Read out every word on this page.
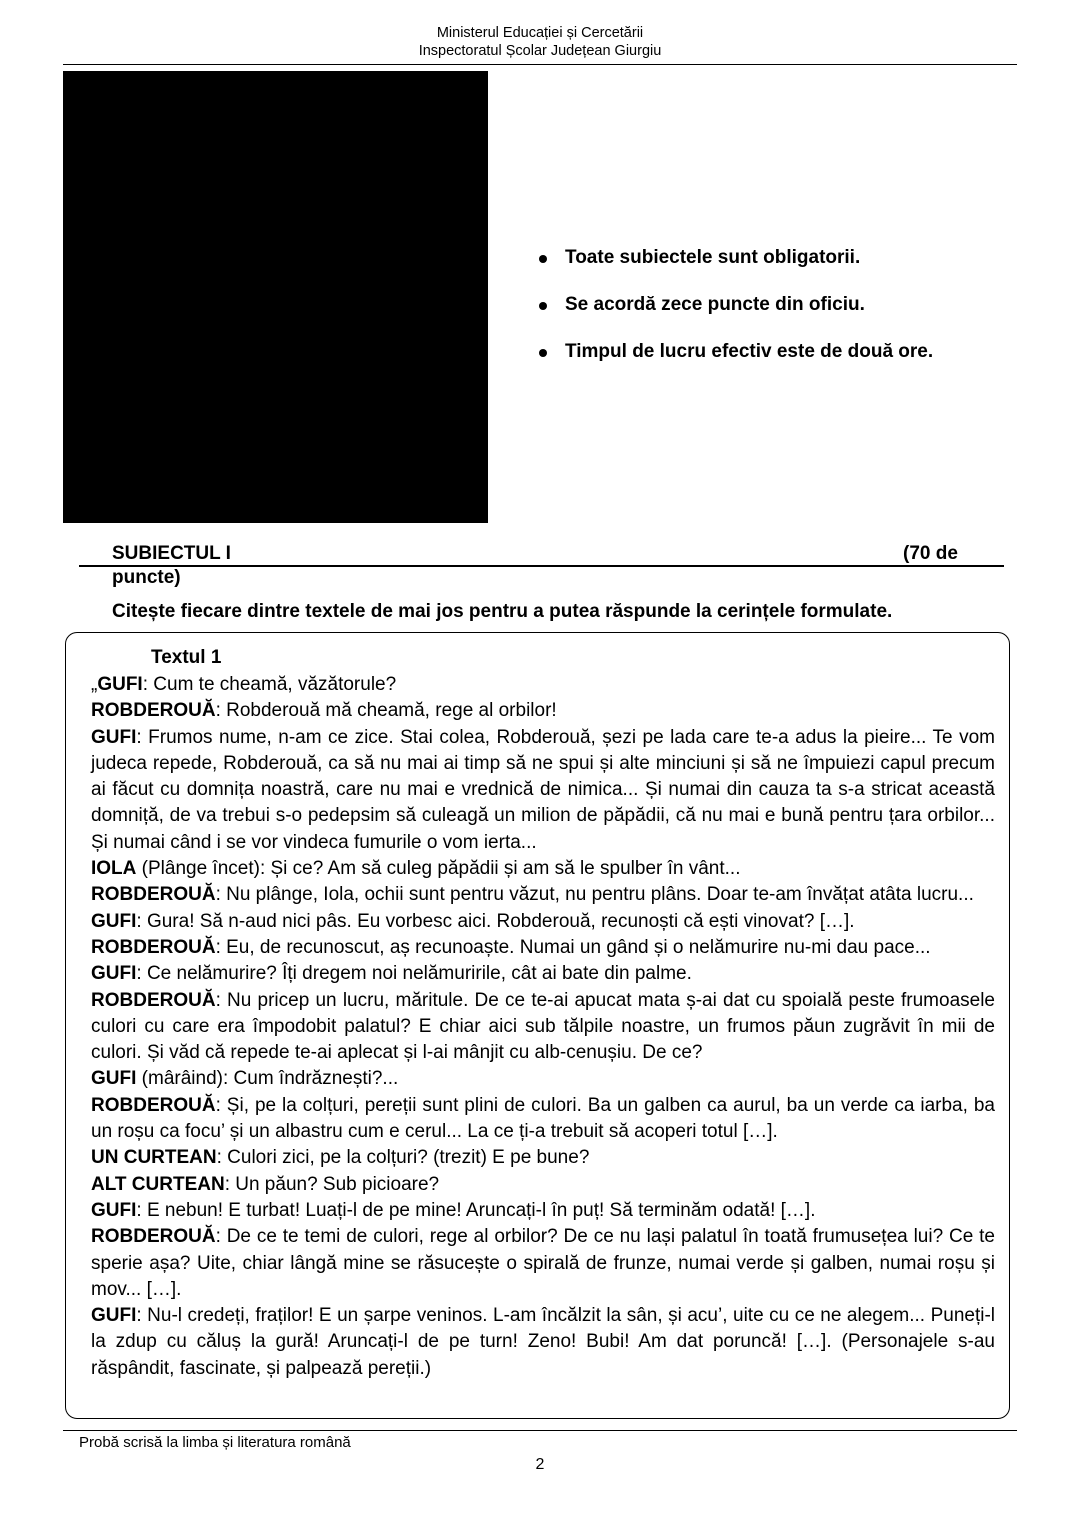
Ministerul Educației și Cercetării
Inspectoratul Școlar Județean Giurgiu
Toate subiectele sunt obligatorii.
Se acordă zece puncte din oficiu.
Timpul de lucru efectiv este de două ore.
SUBIECTUL I	(70 de
puncte)
Citește fiecare dintre textele de mai jos pentru a putea răspunde la cerințele formulate.
Textul 1
„GUFI: Cum te cheamă, văzătorule?
ROBDEROUĂ: Robderouă mă cheamă, rege al orbilor!
GUFI: Frumos nume, n-am ce zice. Stai colea, Robderouă, șezi pe lada care te-a adus la pieire... Te vom judeca repede, Robderouă, ca să nu mai ai timp să ne spui și alte minciuni și să ne împuiezi capul precum ai făcut cu domnița noastră, care nu mai e vrednică de nimica... Și numai din cauza ta s-a stricat această domniță, de va trebui s-o pedepsim să culeagă un milion de păpădii, că nu mai e bună pentru țara orbilor... Și numai când i se vor vindeca fumurile o vom ierta...
IOLA (Plânge încet): Și ce? Am să culeg păpădii și am să le spulber în vânt...
ROBDEROUĂ: Nu plânge, Iola, ochii sunt pentru văzut, nu pentru plâns. Doar te-am învățat atâta lucru...
GUFI: Gura! Să n-aud nici pâs. Eu vorbesc aici. Robderouă, recunoști că ești vinovat? […].
ROBDEROUĂ: Eu, de recunoscut, aș recunoaște. Numai un gând și o nelămurire nu-mi dau pace...
GUFI: Ce nelămurire? Îți dregem noi nelămuririle, cât ai bate din palme.
ROBDEROUĂ: Nu pricep un lucru, măritule. De ce te-ai apucat mata ș-ai dat cu spoială peste frumoasele culori cu care era împodobit palatul? E chiar aici sub tălpile noastre, un frumos păun zugrăvit în mii de culori. Și văd că repede te-ai aplecat și l-ai mânjit cu alb-cenușiu. De ce?
GUFI (mârâind): Cum îndrăznești?...
ROBDEROUĂ: Și, pe la colțuri, pereții sunt plini de culori. Ba un galben ca aurul, ba un verde ca iarba, ba un roșu ca focu’ și un albastru cum e cerul... La ce ți-a trebuit să acoperi totul […].
UN CURTEAN: Culori zici, pe la colțuri? (trezit) E pe bune?
ALT CURTEAN: Un păun? Sub picioare?
GUFI: E nebun! E turbat! Luați-l de pe mine! Aruncați-l în puț! Să terminăm odată! […].
ROBDEROUĂ: De ce te temi de culori, rege al orbilor? De ce nu lași palatul în toată frumusețea lui? Ce te sperie așa? Uite, chiar lângă mine se răsucește o spirală de frunze, numai verde și galben, numai roșu și mov... […].
GUFI: Nu-l credeți, fraților! E un șarpe veninos. L-am încălzit la sân, și acu’, uite cu ce ne alegem... Puneți-l la zdup cu căluș la gură! Aruncați-l de pe turn! Zeno! Bubi! Am dat poruncă! […]. (Personajele s-au răspândit, fascinate, și palpează pereții.)
Probă scrisă la limba și literatura română
2
